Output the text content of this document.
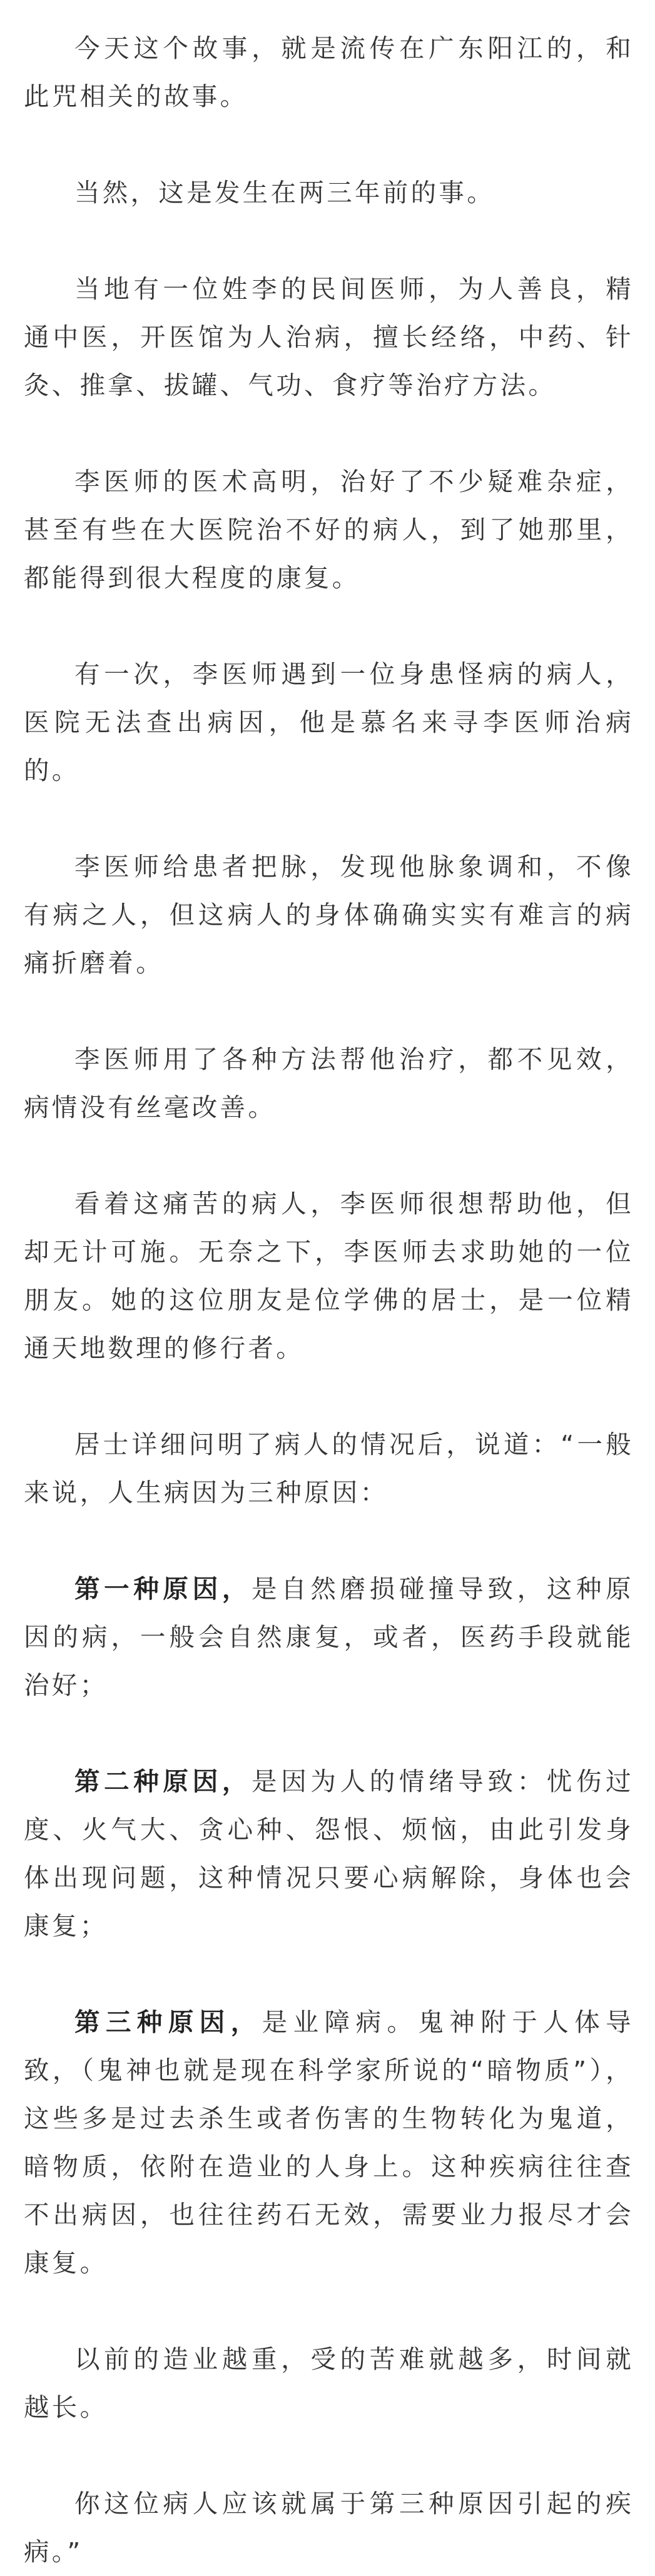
今天这个故事，就是流传在广东阳江的，和此咒相关的故事。

当然，这是发生在两三年前的事。

当地有一位姓李的民间医师，为人善良，精通中医，开医馆为人治病，擅长经络，中药、针灸、推拿、拔罐、气功、食疗等治疗方法。

李医师的医术高明，治好了不少疑难杂症，甚至有些在大医院治不好的病人，到了她那里，都能得到很大程度的康复。

有一次，李医师遇到一位身患怪病的病人，医院无法查出病因，他是慕名来寻李医师治病的。

李医师给患者把脉，发现他脉象调和，不像有病之人，但这病人的身体确确实实有难言的病痛折磨着。

李医师用了各种方法帮他治疗，都不见效，病情没有丝毫改善。

看着这痛苦的病人，李医师很想帮助他，但却无计可施。无奈之下，李医师去求助她的一位朋友。她的这位朋友是位学佛的居士，是一位精通天地数理的修行者。

居士详细问明了病人的情况后，说道：“一般来说，人生病因为三种原因：

第一种原因，是自然磨损碰撞导致，这种原因的病，一般会自然康复，或者，医药手段就能治好；

第二种原因，是因为人的情绪导致：忧伤过度、火气大、贪心种、怨恨、烦恼，由此引发身体出现问题，这种情况只要心病解除，身体也会康复；

第三种原因，是业障病。鬼神附于人体导致，（鬼神也就是现在科学家所说的“暗物质”），这些多是过去杀生或者伤害的生物转化为鬼道，暗物质，依附在造业的人身上。这种疾病往往查不出病因，也往往药石无效，需要业力报尽才会康复。

以前的造业越重，受的苦难就越多，时间就越长。

你这位病人应该就属于第三种原因引起的疾病。”
